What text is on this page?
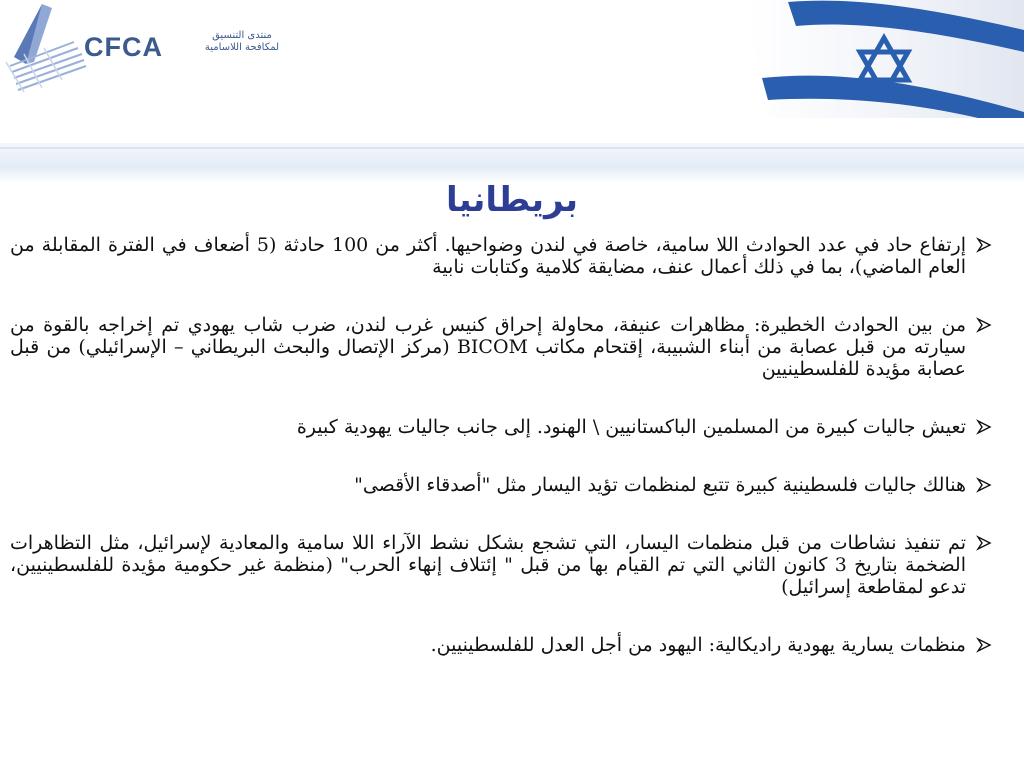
CFCA	منتدى التنسيق
لمكافحة اللاسامية
بريطانيا
إرتفاع حاد في عدد الحوادث اللا سامية، خاصة في لندن وضواحيها. أكثر من 100 حادثة (5 أضعاف في الفترة المقابلة من العام الماضي)، بما في ذلك أعمال عنف، مضايقة كلامية وكتابات نابية
من بين الحوادث الخطيرة: مظاهرات عنيفة، محاولة إحراق كنيس غرب لندن، ضرب شاب يهودي تم إخراجه بالقوة من سيارته من قبل عصابة من أبناء الشبيبة، إقتحام مكاتب BICOM (مركز الإتصال والبحث البريطاني – الإسرائيلي) من قبل عصابة مؤيدة للفلسطينيين
تعيش جاليات كبيرة من المسلمين الباكستانيين \ الهنود. إلى جانب جاليات يهودية كبيرة
هنالك جاليات فلسطينية كبيرة تتبع لمنظمات تؤيد اليسار مثل "أصدقاء الأقصى"
تم تنفيذ نشاطات من قبل منظمات اليسار، التي تشجع بشكل نشط الآراء اللا سامية والمعادية لإسرائيل، مثل التظاهرات الضخمة بتاريخ 3 كانون الثاني التي تم القيام بها من قبل " إئتلاف إنهاء الحرب" (منظمة غير حكومية مؤيدة للفلسطينيين، تدعو لمقاطعة إسرائيل)
منظمات يسارية يهودية راديكالية: اليهود من أجل العدل للفلسطينيين.
